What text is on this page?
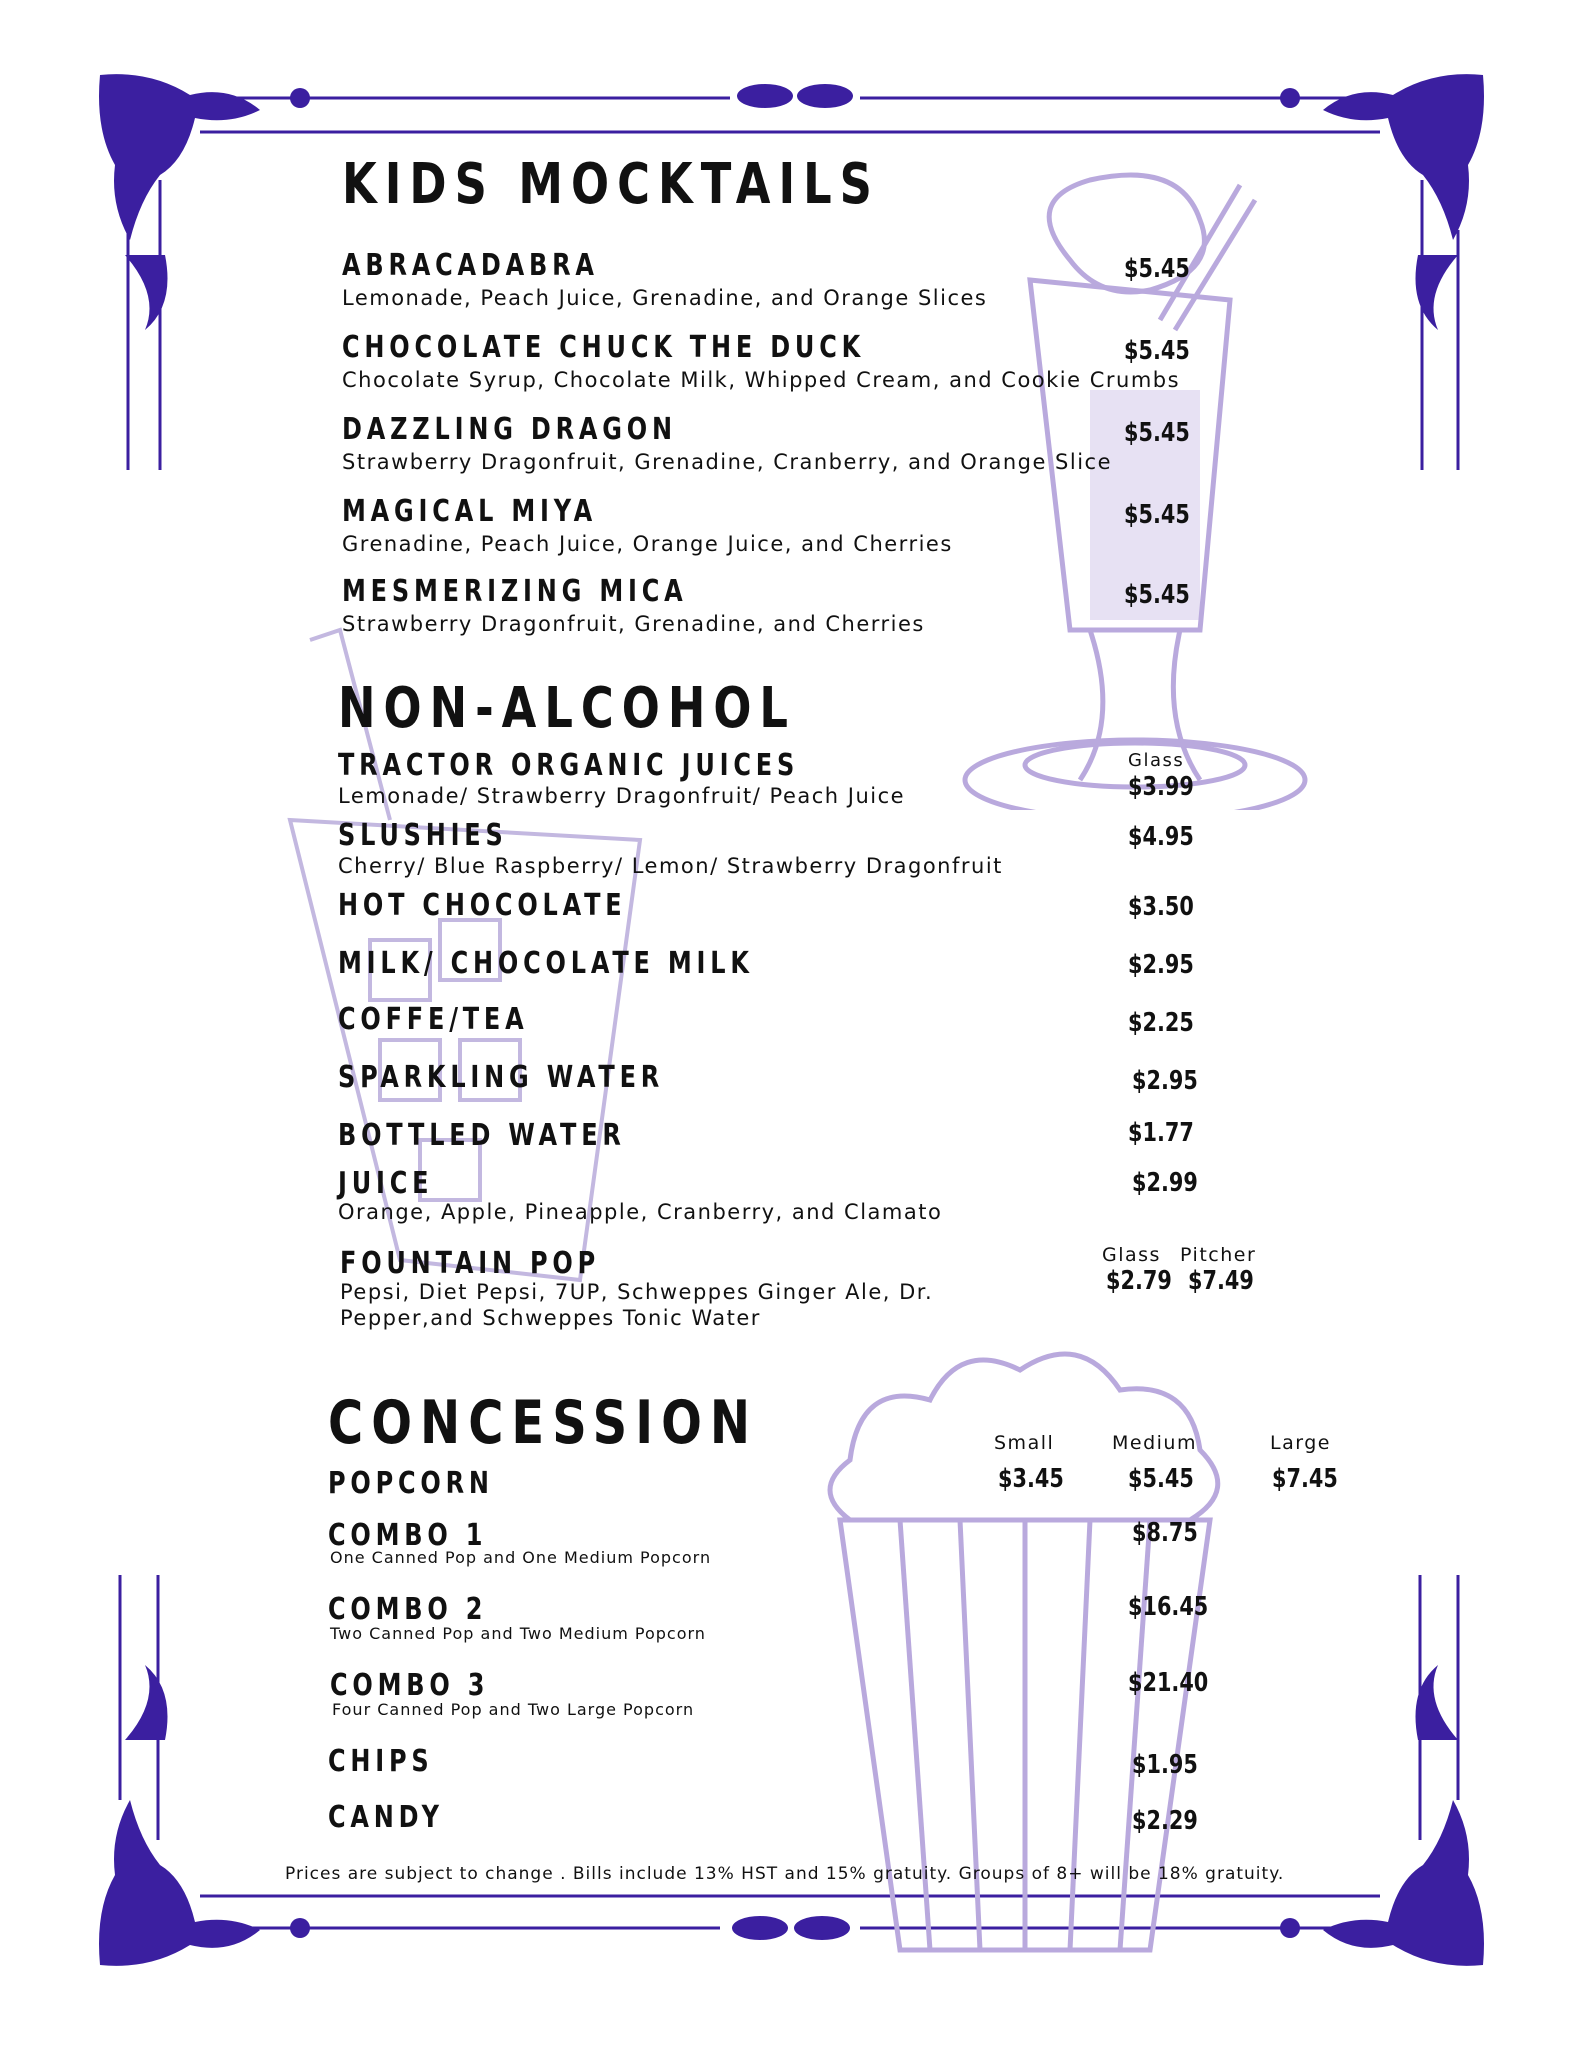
KIDS MOCKTAILS
ABRACADABRA
Lemonade, Peach Juice, Grenadine, and Orange Slices
$5.45
CHOCOLATE CHUCK THE DUCK
Chocolate Syrup, Chocolate Milk, Whipped Cream, and Cookie Crumbs
$5.45
DAZZLING DRAGON
Strawberry Dragonfruit, Grenadine, Cranberry, and Orange Slice
$5.45
MAGICAL MIYA
Grenadine, Peach Juice, Orange Juice, and Cherries
$5.45
MESMERIZING MICA
Strawberry Dragonfruit, Grenadine, and Cherries
$5.45
NON-ALCOHOL
Glass
TRACTOR ORGANIC JUICES
Lemonade/ Strawberry Dragonfruit/ Peach Juice	$3.99
SLUSHIES
Cherry/ Blue Raspberry/ Lemon/ Strawberry Dragonfruit
$4.95
HOT CHOCOLATE	$3.50
MILK/ CHOCOLATE MILK	$2.95
COFFE/TEA	$2.25
SPARKLING WATER	$2.95
BOTTLED WATER	$1.77
JUICE
Orange, Apple, Pineapple, Cranberry, and Clamato
$2.99
FOUNTAIN POP
Pepsi, Diet Pepsi, 7UP, Schweppes Ginger Ale, Dr.
Pepper,and Schweppes Tonic Water
Glass Pitcher
$2.79 $7.49
CONCESSION	Small	Medium	Large
POPCORN	$3.45 $5.45	$7.45
COMBO 1
One Canned Pop and One Medium Popcorn
$8.75
COMBO 2
Two Canned Pop and Two Medium Popcorn
$16.45
COMBO 3
Four Canned Pop and Two Large Popcorn
$21.40
CHIPS	$1.95
CANDY	$2.29
Prices are subject to change . Bills include 13% HST and 15% gratuity. Groups of 8+ will be 18% gratuity.
